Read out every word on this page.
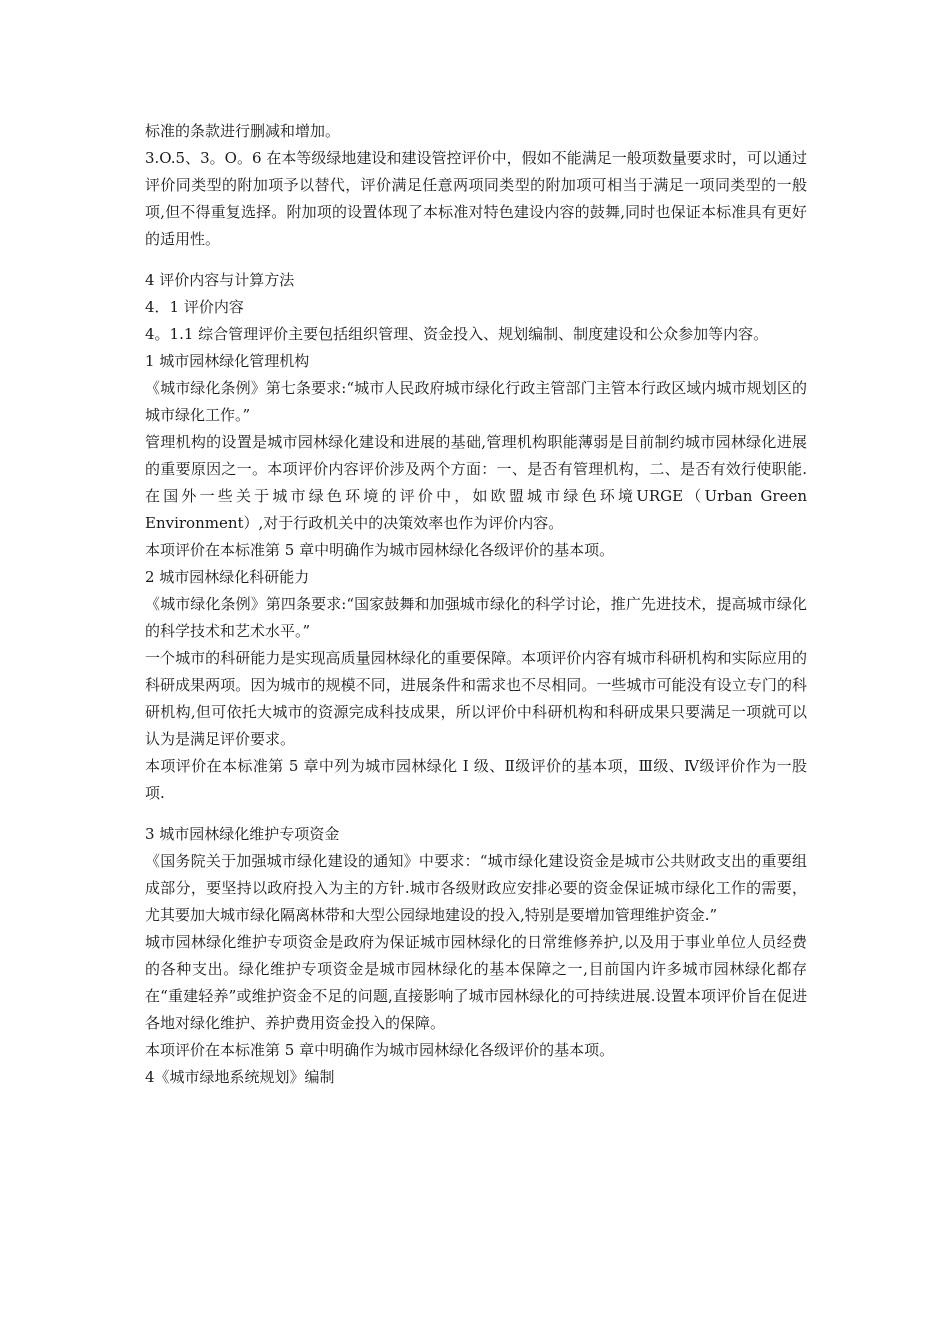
标准的条款进行删减和增加。

3.O.5、3。O。6 在本等级绿地建设和建设管控评价中，假如不能满足一般项数量要求时，可以通过评价同类型的附加项予以替代，评价满足任意两项同类型的附加项可相当于满足一项同类型的一般项,但不得重复选择。附加项的设置体现了本标准对特色建设内容的鼓舞,同时也保证本标准具有更好的适用性。

4 评价内容与计算方法

4．1 评价内容

4。1.1 综合管理评价主要包括组织管理、资金投入、规划编制、制度建设和公众参加等内容。

1 城市园林绿化管理机构

《城市绿化条例》第七条要求:“城市人民政府城市绿化行政主管部门主管本行政区域内城市规划区的城市绿化工作。”

管理机构的设置是城市园林绿化建设和进展的基础,管理机构职能薄弱是目前制约城市园林绿化进展的重要原因之一。本项评价内容评价涉及两个方面：一、是否有管理机构，二、是否有效行使职能.在国外一些关于城市绿色环境的评价中，如欧盟城市绿色环境URGE（Urban Green Environment）,对于行政机关中的决策效率也作为评价内容。

本项评价在本标准第 5 章中明确作为城市园林绿化各级评价的基本项。

2 城市园林绿化科研能力

《城市绿化条例》第四条要求:“国家鼓舞和加强城市绿化的科学讨论，推广先进技术，提高城市绿化的科学技术和艺术水平。”

一个城市的科研能力是实现高质量园林绿化的重要保障。本项评价内容有城市科研机构和实际应用的科研成果两项。因为城市的规模不同，进展条件和需求也不尽相同。一些城市可能没有设立专门的科研机构,但可依托大城市的资源完成科技成果，所以评价中科研机构和科研成果只要满足一项就可以认为是满足评价要求。

本项评价在本标准第 5 章中列为城市园林绿化 I 级、Ⅱ级评价的基本项，Ⅲ级、Ⅳ级评价作为一股项.

3 城市园林绿化维护专项资金

《国务院关于加强城市绿化建设的通知》中要求：“城市绿化建设资金是城市公共财政支出的重要组成部分，要坚持以政府投入为主的方针.城市各级财政应安排必要的资金保证城市绿化工作的需要，尤其要加大城市绿化隔离林带和大型公园绿地建设的投入,特别是要增加管理维护资金.”

城市园林绿化维护专项资金是政府为保证城市园林绿化的日常维修养护,以及用于事业单位人员经费的各种支出。绿化维护专项资金是城市园林绿化的基本保障之一,目前国内许多城市园林绿化都存在“重建轻养”或维护资金不足的问题,直接影响了城市园林绿化的可持续进展.设置本项评价旨在促进各地对绿化维护、养护费用资金投入的保障。

本项评价在本标准第 5 章中明确作为城市园林绿化各级评价的基本项。

4《城市绿地系统规划》编制
